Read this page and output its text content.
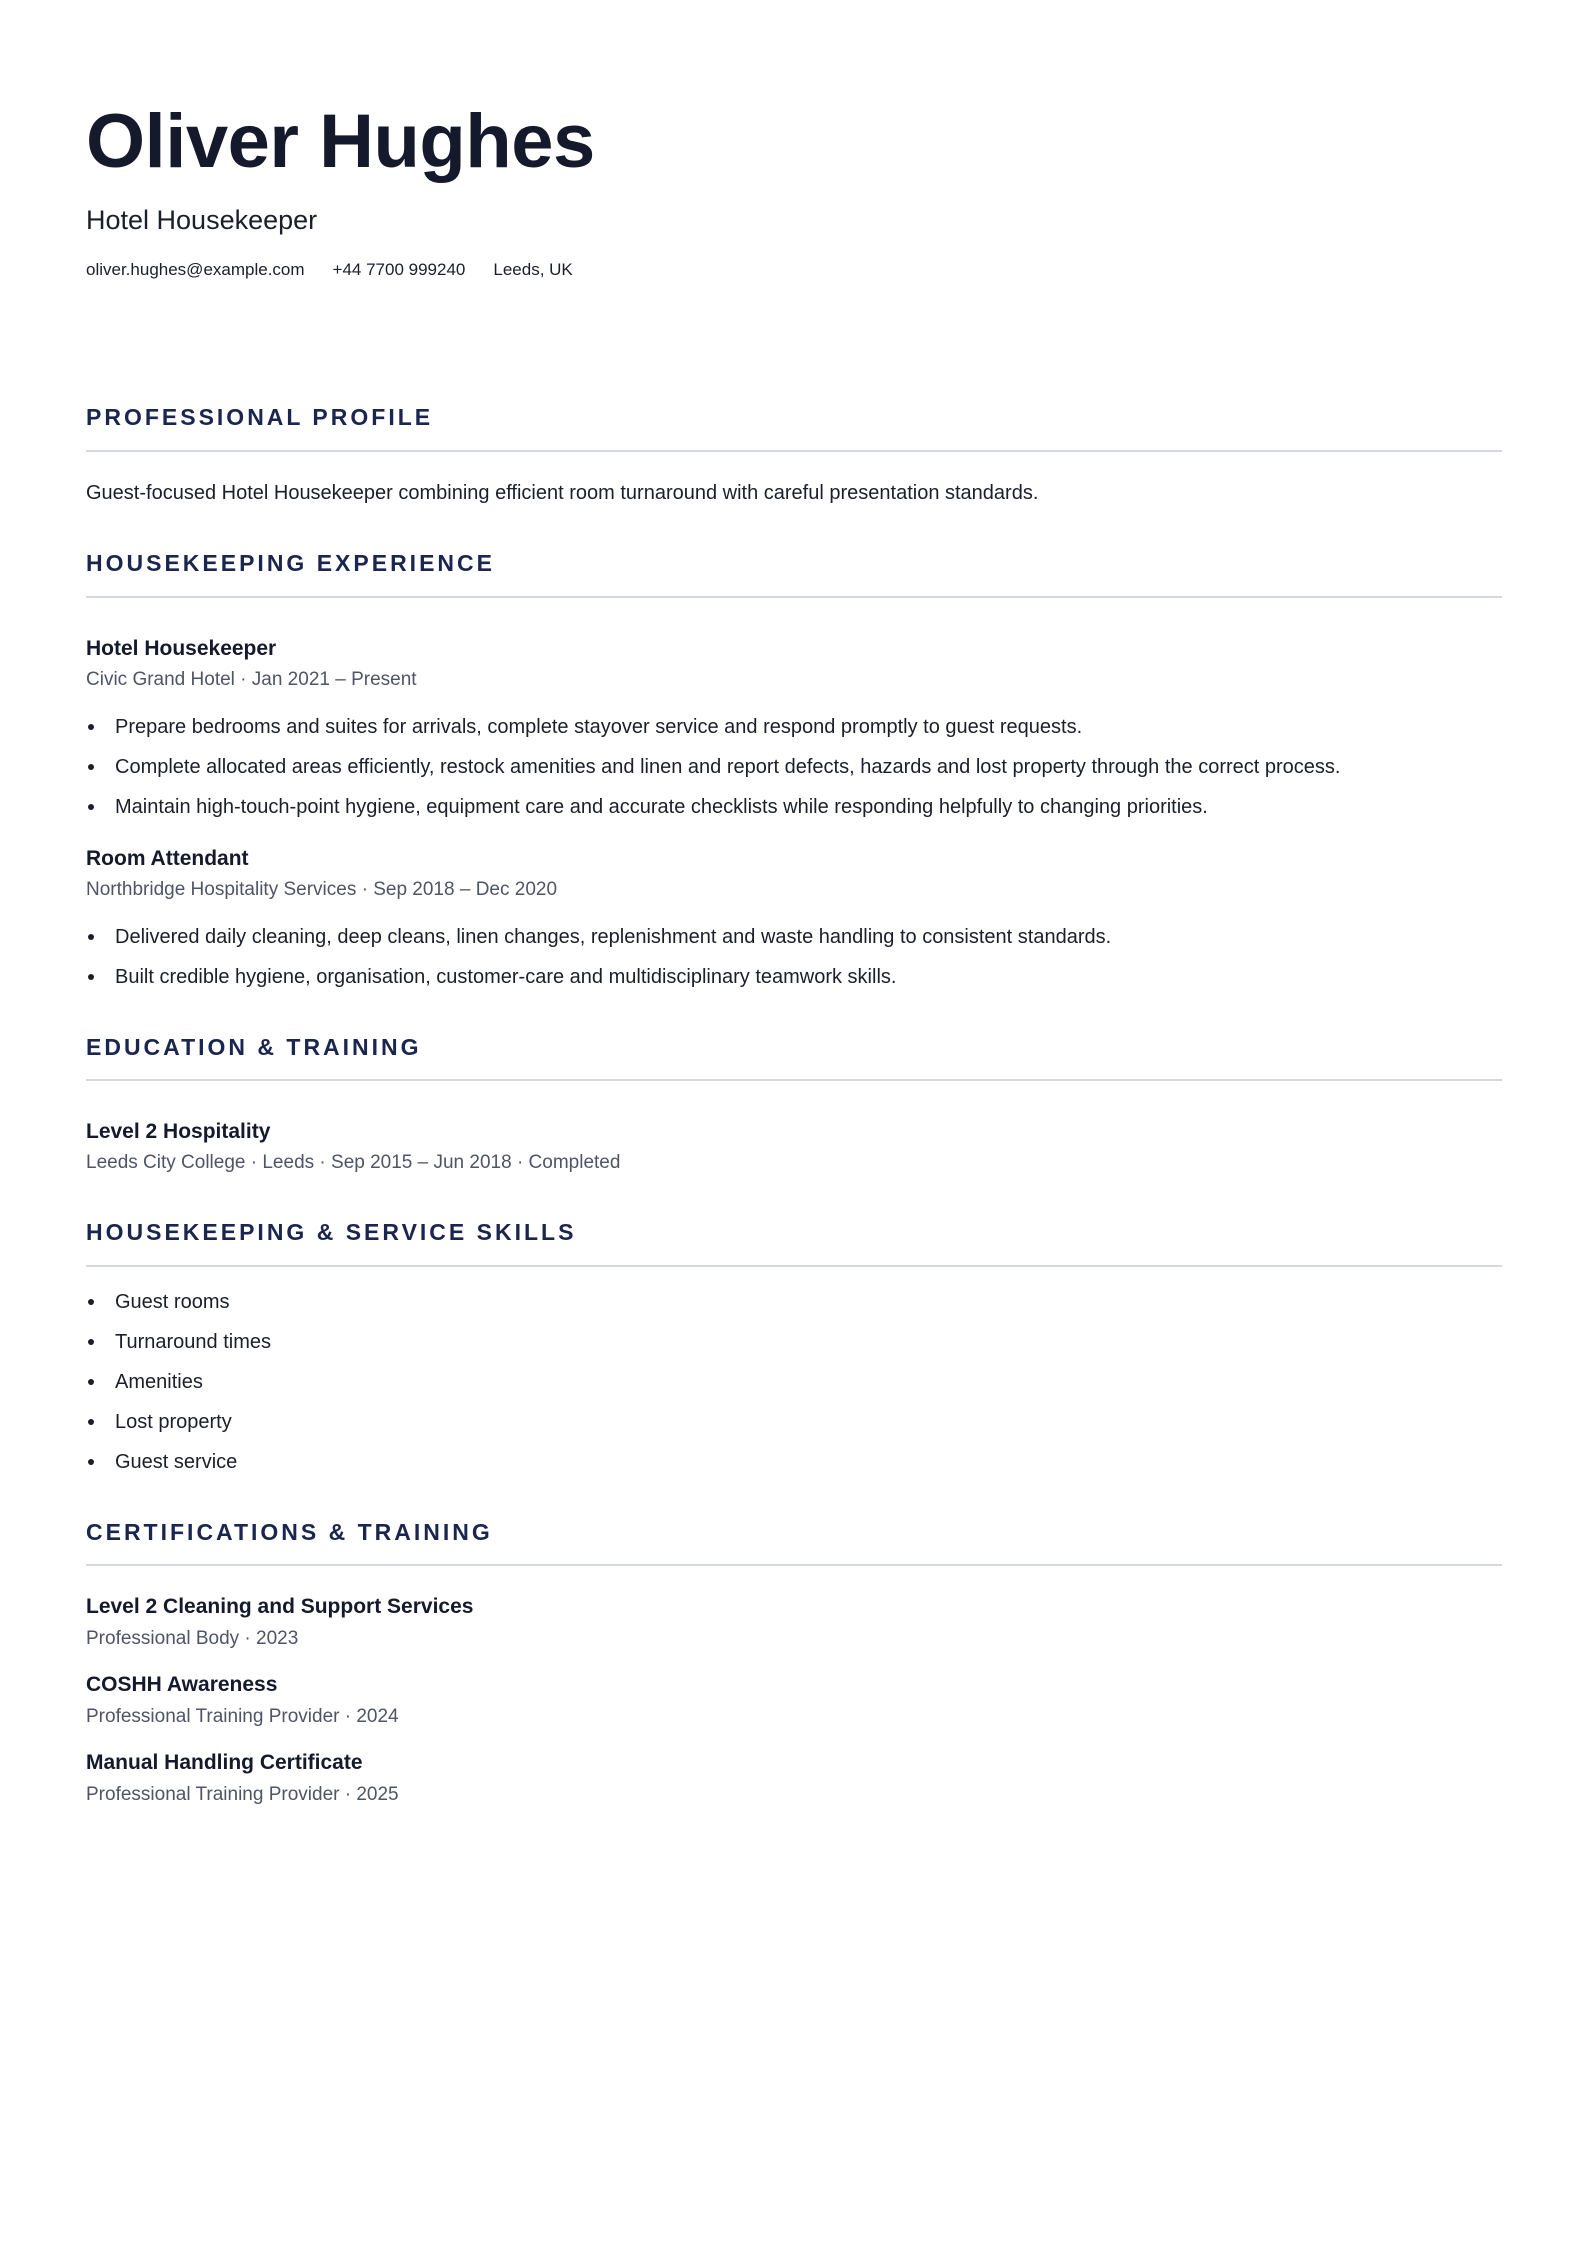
Oliver Hughes
Hotel Housekeeper
oliver.hughes@example.com +44 7700 999240 Leeds, UK
PROFESSIONAL PROFILE

Guest-focused Hotel Housekeeper combining efficient room turnaround with careful presentation standards.

HOUSEKEEPING EXPERIENCE
Hotel Housekeeper
Civic Grand Hotel · Jan 2021 – Present
Prepare bedrooms and suites for arrivals, complete stayover service and respond promptly to guest requests.
Complete allocated areas efficiently, restock amenities and linen and report defects, hazards and lost property through the correct process.
Maintain high-touch-point hygiene, equipment care and accurate checklists while responding helpfully to changing priorities.
Room Attendant
Northbridge Hospitality Services · Sep 2018 – Dec 2020
Delivered daily cleaning, deep cleans, linen changes, replenishment and waste handling to consistent standards.
Built credible hygiene, organisation, customer-care and multidisciplinary teamwork skills.
EDUCATION & TRAINING
Level 2 Hospitality
Leeds City College · Leeds · Sep 2015 – Jun 2018 · Completed
HOUSEKEEPING & SERVICE SKILLS
Guest rooms
Turnaround times
Amenities
Lost property
Guest service
CERTIFICATIONS & TRAINING
Level 2 Cleaning and Support Services
Professional Body · 2023
COSHH Awareness
Professional Training Provider · 2024
Manual Handling Certificate
Professional Training Provider · 2025
